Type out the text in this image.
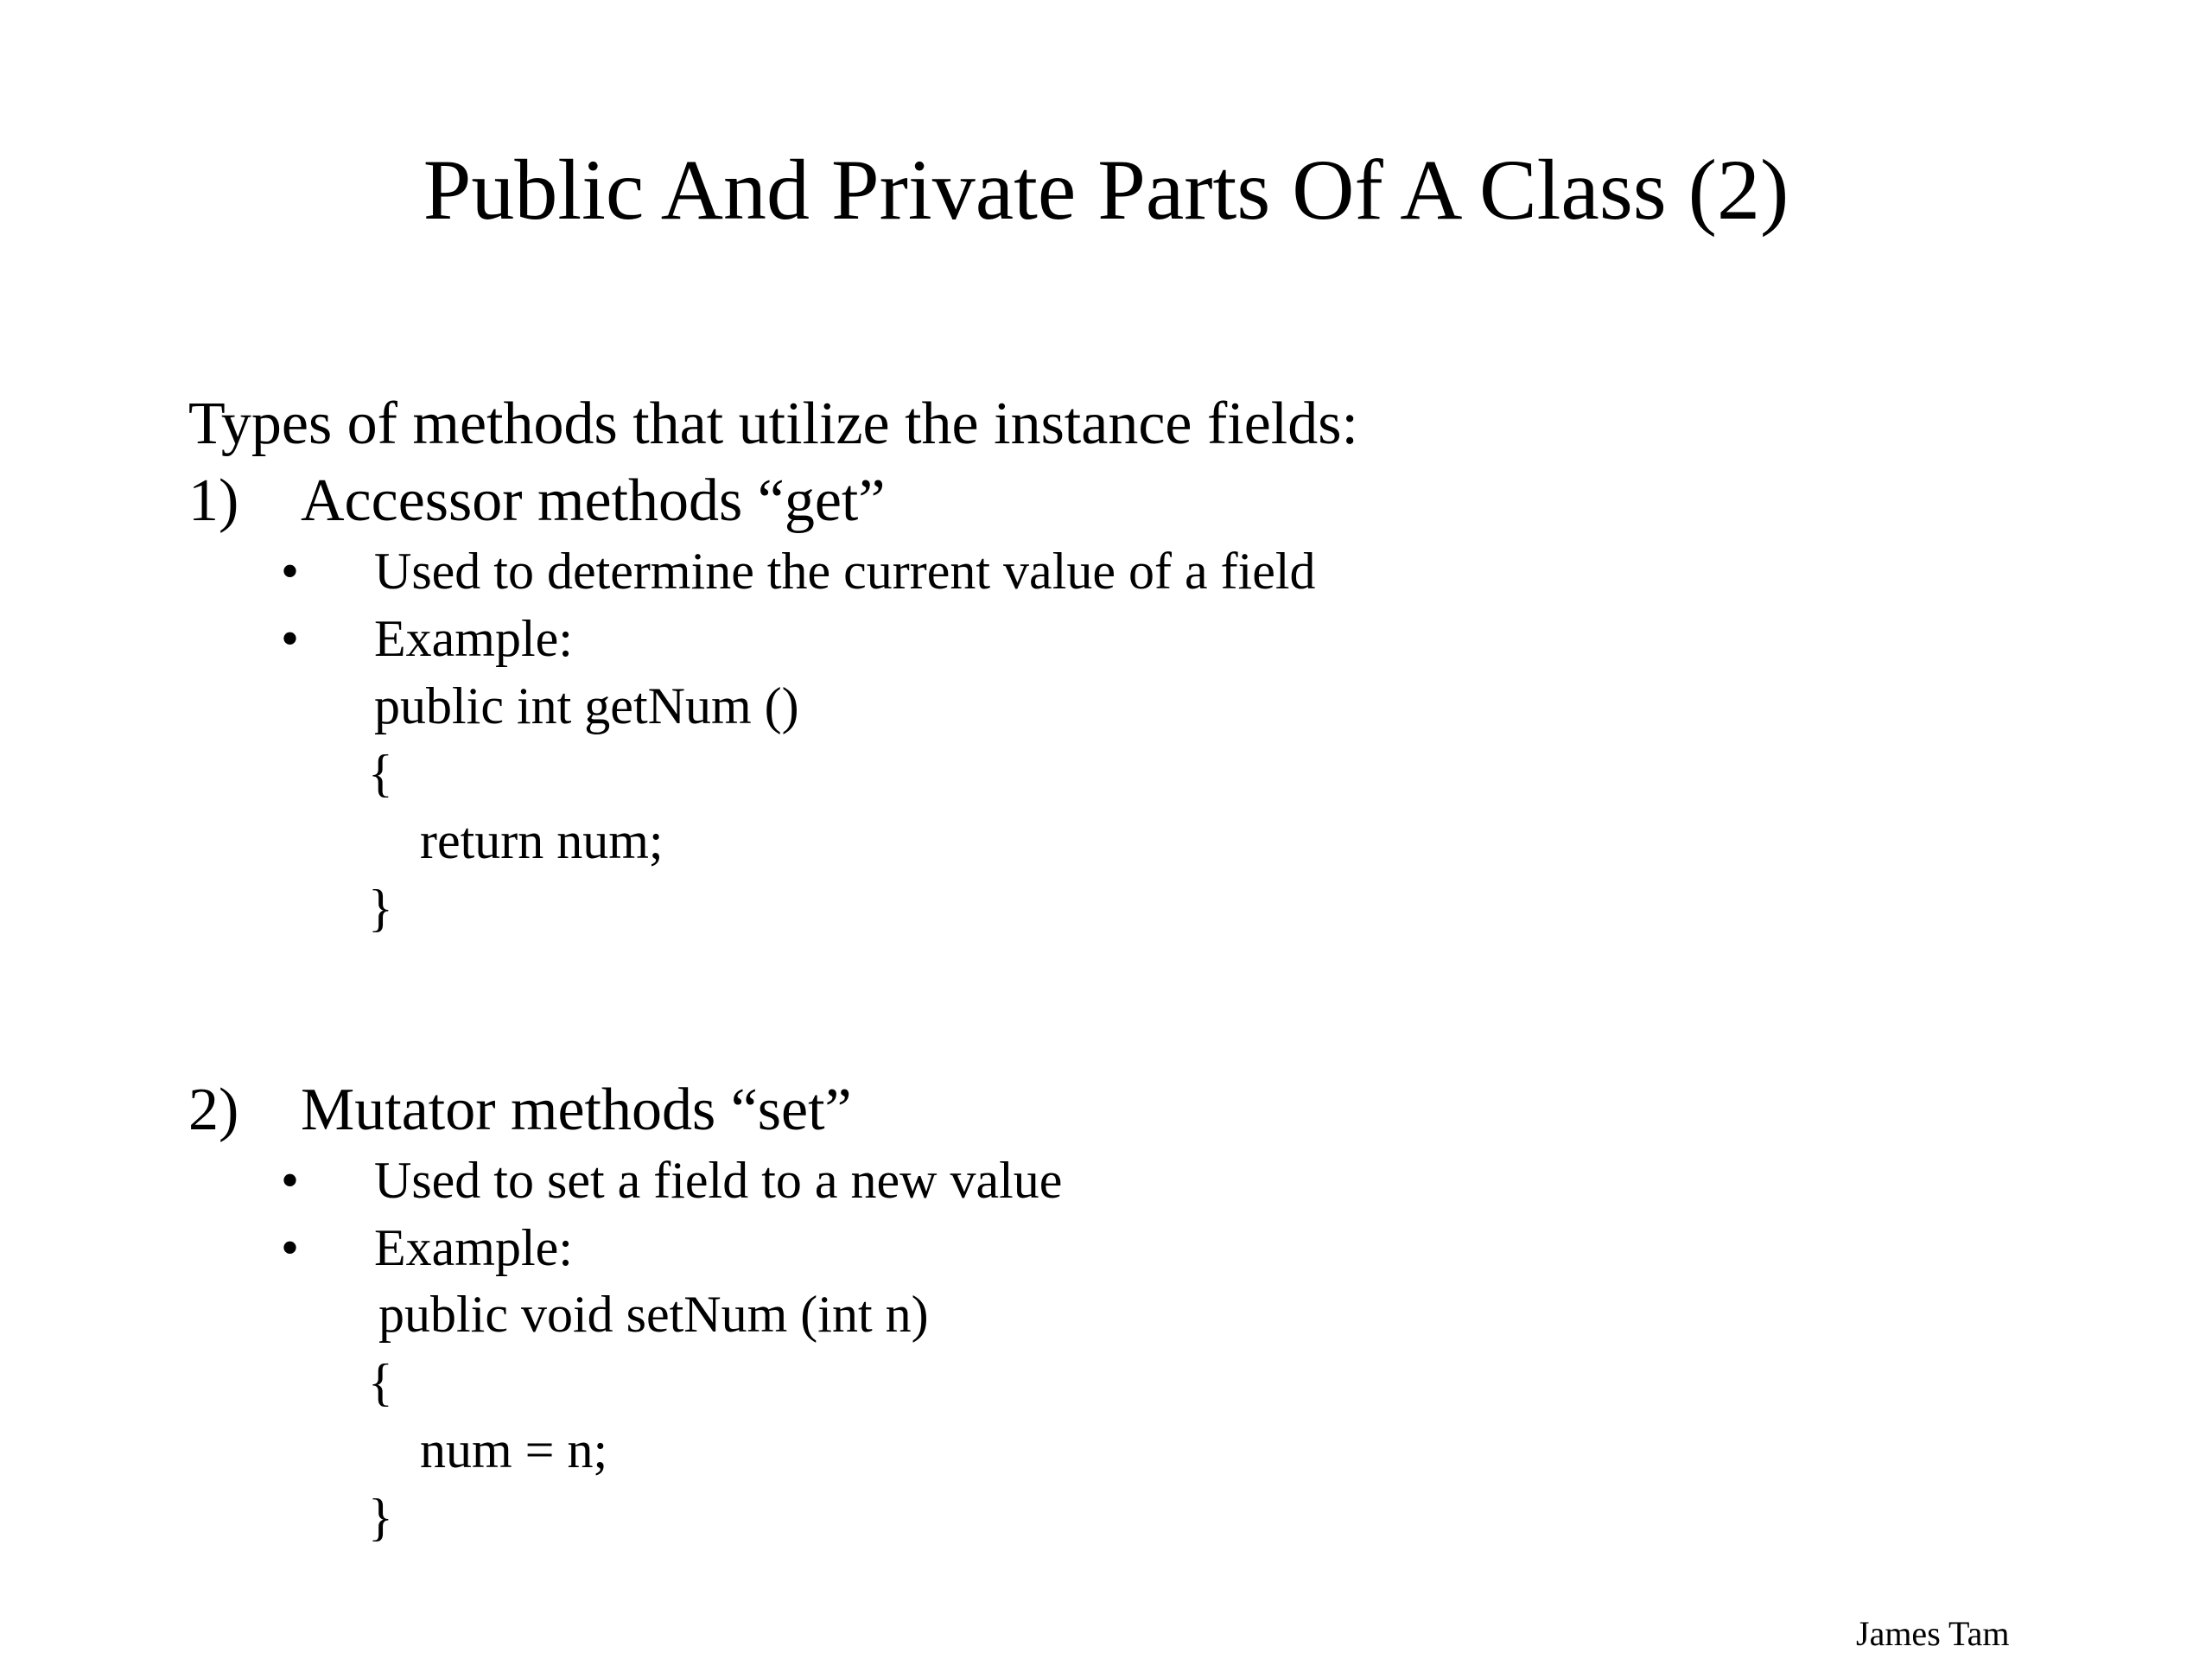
Public And Private Parts Of A Class (2)
Types of methods that utilize the instance fields:
1) Accessor methods “get”
• Used to determine the current value of a field
• Example:
public int getNum ()
{
return num;
}
2) Mutator methods “set”
• Used to set a field to a new value
• Example:
public void setNum (int n)
{
num = n;
}
James Tam
